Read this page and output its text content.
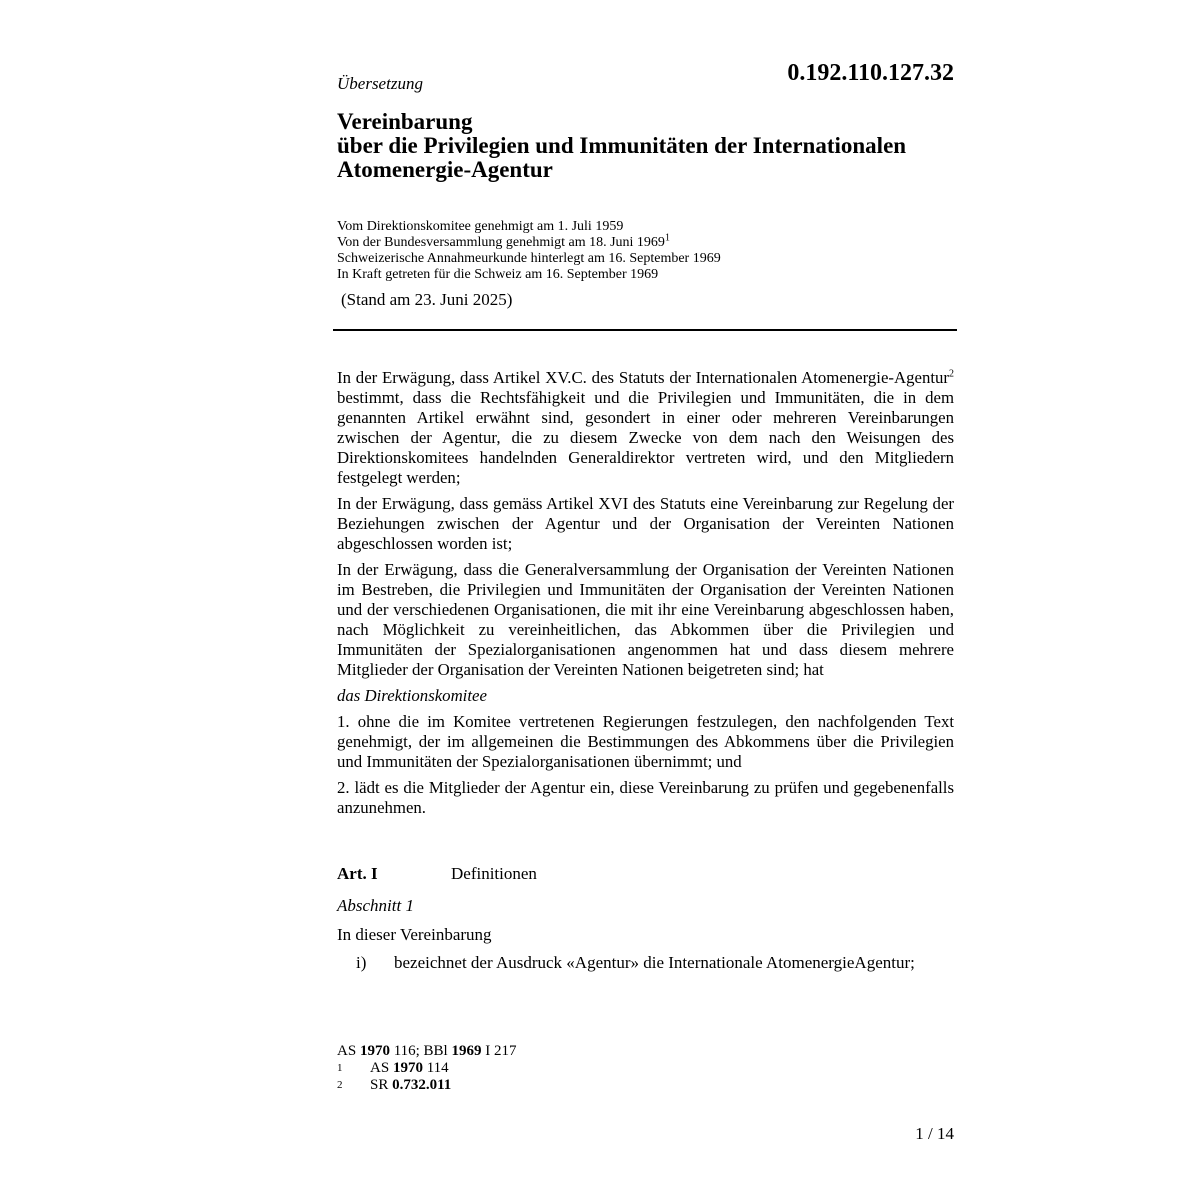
Übersetzung	0.192.110.127.32
Vereinbarung
über die Privilegien und Immunitäten der Internationalen
Atomenergie-Agentur
Vom Direktionskomitee genehmigt am 1. Juli 1959
Von der Bundesversammlung genehmigt am 18. Juni 1969$^1$
Schweizerische Annahmeurkunde hinterlegt am 16. September 1969
In Kraft getreten für die Schweiz am 16. September 1969
(Stand am 23. Juni 2025)

In der Erwägung, dass Artikel XV.C. des Statuts der Internationalen Atomenergie-Agentur$^2$ bestimmt, dass die Rechtsfähigkeit und die Privilegien und Immunitäten, die in dem genannten Artikel erwähnt sind, gesondert in einer oder mehreren Vereinbarungen zwischen der Agentur, die zu diesem Zwecke von dem nach den Weisungen des Direktionskomitees handelnden Generaldirektor vertreten wird, und den Mitgliedern festgelegt werden;

In der Erwägung, dass gemäss Artikel XVI des Statuts eine Vereinbarung zur Regelung der Beziehungen zwischen der Agentur und der Organisation der Vereinten Nationen abgeschlossen worden ist;

In der Erwägung, dass die Generalversammlung der Organisation der Vereinten Nationen im Bestreben, die Privilegien und Immunitäten der Organisation der Vereinten Nationen und der verschiedenen Organisationen, die mit ihr eine Vereinbarung abgeschlossen haben, nach Möglichkeit zu vereinheitlichen, das Abkommen über die Privilegien und Immunitäten der Spezialorganisationen angenommen hat und dass diesem mehrere Mitglieder der Organisation der Vereinten Nationen beigetreten sind; hat

das Direktionskomitee

1. ohne die im Komitee vertretenen Regierungen festzulegen, den nachfolgenden Text genehmigt, der im allgemeinen die Bestimmungen des Abkommens über die Privilegien und Immunitäten der Spezialorganisationen übernimmt; und

2. lädt es die Mitglieder der Agentur ein, diese Vereinbarung zu prüfen und gegebenenfalls anzunehmen.

Art. I	Definitionen
Abschnitt 1
In dieser Vereinbarung
i) bezeichnet der Ausdruck «Agentur» die Internationale AtomenergieAgentur;
AS 1970 116; BBl 1969 I 217
1 AS 1970 114
2 SR 0.732.011
1 / 14
